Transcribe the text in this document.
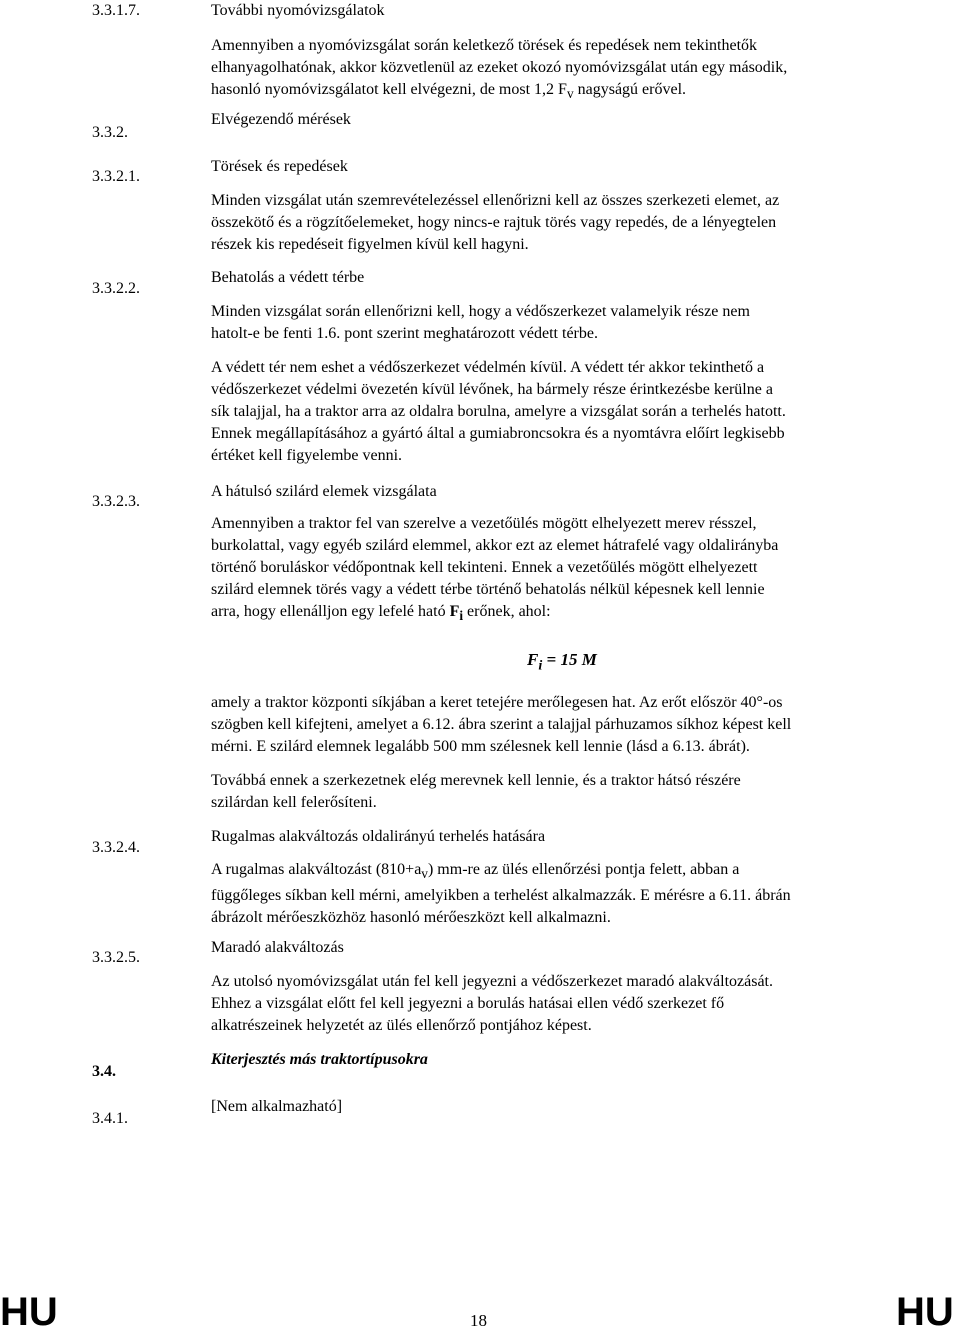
3.3.1.7.
3.3.2.
3.3.2.1.
3.3.2.2.
3.3.2.3.
3.3.2.4.
3.3.2.5.
3.4.
3.4.1.
További nyomóvizsgálatok
Elvégezendő mérések
Törések és repedések
Behatolás a védett térbe
A hátulsó szilárd elemek vizsgálata
Rugalmas alakváltozás oldalirányú terhelés hatására
Maradó alakváltozás
Kiterjesztés más traktortípusokra
[Nem alkalmazható]
Amennyiben a nyomóvizsgálat során keletkező törések és repedések nem tekinthetők
elhanyagolhatónak, akkor közvetlenül az ezeket okozó nyomóvizsgálat után egy második,
hasonló nyomóvizsgálatot kell elvégezni, de most 1,2 $F_v$ nagyságú erővel.
Minden vizsgálat után szemrevételezéssel ellenőrizni kell az összes szerkezeti elemet, az
összekötő és a rögzítőelemeket, hogy nincs-e rajtuk törés vagy repedés, de a lényegtelen
részek kis repedéseit figyelmen kívül kell hagyni.
Minden vizsgálat során ellenőrizni kell, hogy a védőszerkezet valamelyik része nem
hatolt-e be fenti 1.6. pont szerint meghatározott védett térbe.
A védett tér nem eshet a védőszerkezet védelmén kívül. A védett tér akkor tekinthető a
védőszerkezet védelmi övezetén kívül lévőnek, ha bármely része érintkezésbe kerülne a
sík talajjal, ha a traktor arra az oldalra borulna, amelyre a vizsgálat során a terhelés hatott.
Ennek megállapításához a gyártó által a gumiabroncsokra és a nyomtávra előírt legkisebb
értéket kell figyelembe venni.
Amennyiben a traktor fel van szerelve a vezetőülés mögött elhelyezett merev résszel,
burkolattal, vagy egyéb szilárd elemmel, akkor ezt az elemet hátrafelé vagy oldalirányba
történő boruláskor védőpontnak kell tekinteni. Ennek a vezetőülés mögött elhelyezett
szilárd elemnek törés vagy a védett térbe történő behatolás nélkül képesnek kell lennie
arra, hogy ellenálljon egy lefelé ható $F_i$ erőnek, ahol:
$F_i = 15$ M
amely a traktor központi síkjában a keret tetejére merőlegesen hat. Az erőt először 40°-os
szögben kell kifejteni, amelyet a 6.12. ábra szerint a talajjal párhuzamos síkhoz képest kell
mérni. E szilárd elemnek legalább 500 mm szélesnek kell lennie (lásd a 6.13. ábrát).
Továbbá ennek a szerkezetnek elég merevnek kell lennie, és a traktor hátsó részére
szilárdan kell felerősíteni.
A rugalmas alakváltozást $(810+a_v)$ mm-re az ülés ellenőrzési pontja felett, abban a
függőleges síkban kell mérni, amelyikben a terhelést alkalmazzák. E mérésre a 6.11. ábrán
ábrázolt mérőeszközhöz hasonló mérőeszközt kell alkalmazni.
Az utolsó nyomóvizsgálat után fel kell jegyezni a védőszerkezet maradó alakváltozását.
Ehhez a vizsgálat előtt fel kell jegyezni a borulás hatásai ellen védő szerkezet fő
alkatrészeinek helyzetét az ülés ellenőrző pontjához képest.
HU	18	HU
